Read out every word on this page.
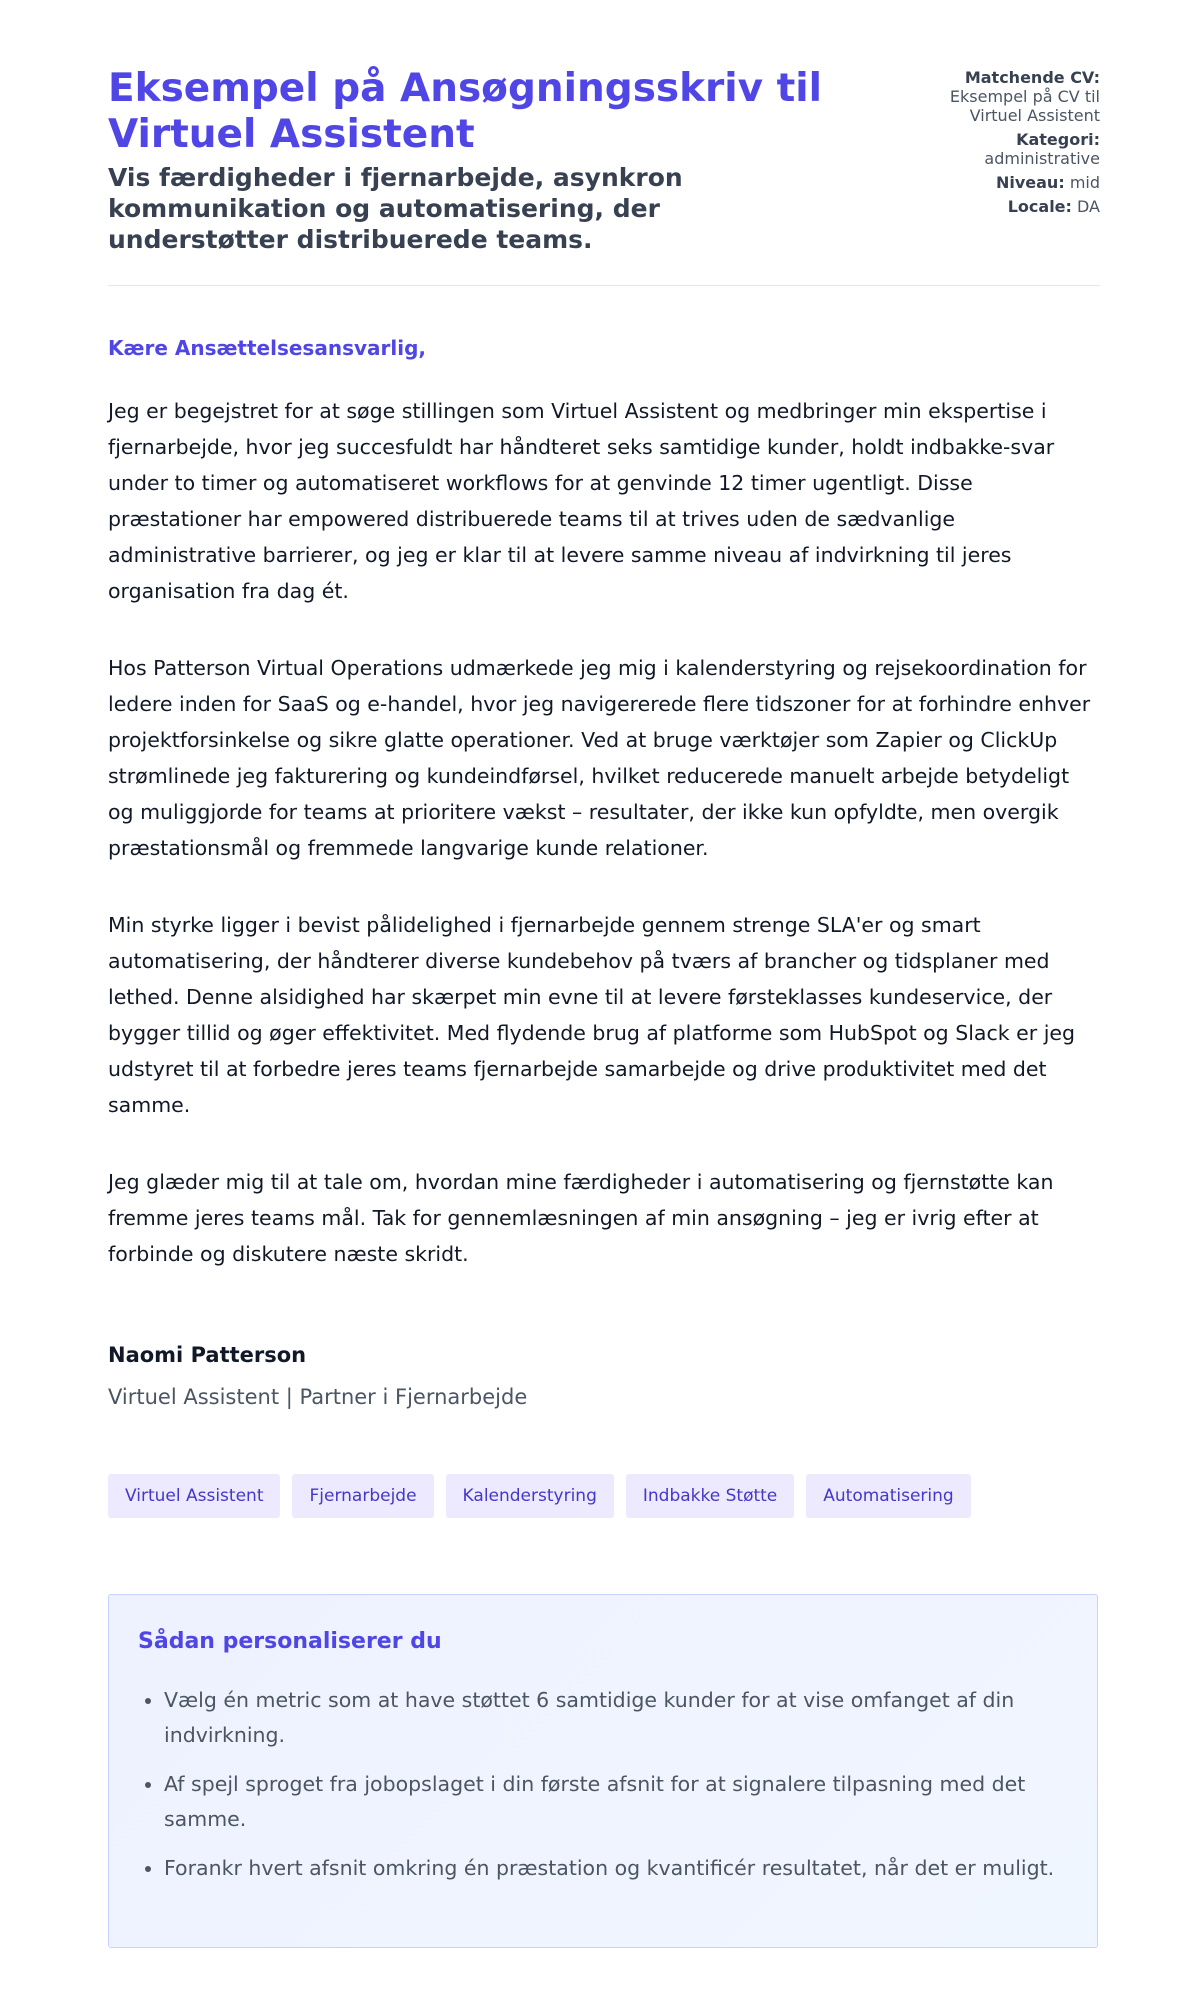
Eksempel på Ansøgningsskriv til Virtuel Assistent

Vis færdigheder i fjernarbejde, asynkron kommunikation og automatisering, der understøtter distribuerede teams.

Matchende CV:
Eksempel på CV til Virtuel Assistent
Kategori:
administrative
Niveau: mid
Locale: DA
Kære Ansættelsesansvarlig,

Jeg er begejstret for at søge stillingen som Virtuel Assistent og medbringer min ekspertise i fjernarbejde, hvor jeg succesfuldt har håndteret seks samtidige kunder, holdt indbakke-svar under to timer og automatiseret workflows for at genvinde 12 timer ugentligt. Disse præstationer har empowered distribuerede teams til at trives uden de sædvanlige administrative barrierer, og jeg er klar til at levere samme niveau af indvirkning til jeres organisation fra dag ét.

Hos Patterson Virtual Operations udmærkede jeg mig i kalenderstyring og rejsekoordination for ledere inden for SaaS og e-handel, hvor jeg navigererede flere tidszoner for at forhindre enhver projektforsinkelse og sikre glatte operationer. Ved at bruge værktøjer som Zapier og ClickUp strømlinede jeg fakturering og kundeindførsel, hvilket reducerede manuelt arbejde betydeligt og muliggjorde for teams at prioritere vækst – resultater, der ikke kun opfyldte, men overgik præstationsmål og fremmede langvarige kunde relationer.

Min styrke ligger i bevist pålidelighed i fjernarbejde gennem strenge SLA'er og smart automatisering, der håndterer diverse kundebehov på tværs af brancher og tidsplaner med lethed. Denne alsidighed har skærpet min evne til at levere førsteklasses kundeservice, der bygger tillid og øger effektivitet. Med flydende brug af platforme som HubSpot og Slack er jeg udstyret til at forbedre jeres teams fjernarbejde samarbejde og drive produktivitet med det samme.

Jeg glæder mig til at tale om, hvordan mine færdigheder i automatisering og fjernstøtte kan fremme jeres teams mål. Tak for gennemlæsningen af min ansøgning – jeg er ivrig efter at forbinde og diskutere næste skridt.

Naomi Patterson
Virtuel Assistent | Partner i Fjernarbejde
Virtuel Assistent	Fjernarbejde	Kalenderstyring	Indbakke Støtte	Automatisering
Sådan personaliserer du
• Vælg én metric som at have støttet 6 samtidige kunder for at vise omfanget af din indvirkning.
• Af spejl sproget fra jobopslaget i din første afsnit for at signalere tilpasning med det samme.
• Forankr hvert afsnit omkring én præstation og kvantificér resultatet, når det er muligt.
